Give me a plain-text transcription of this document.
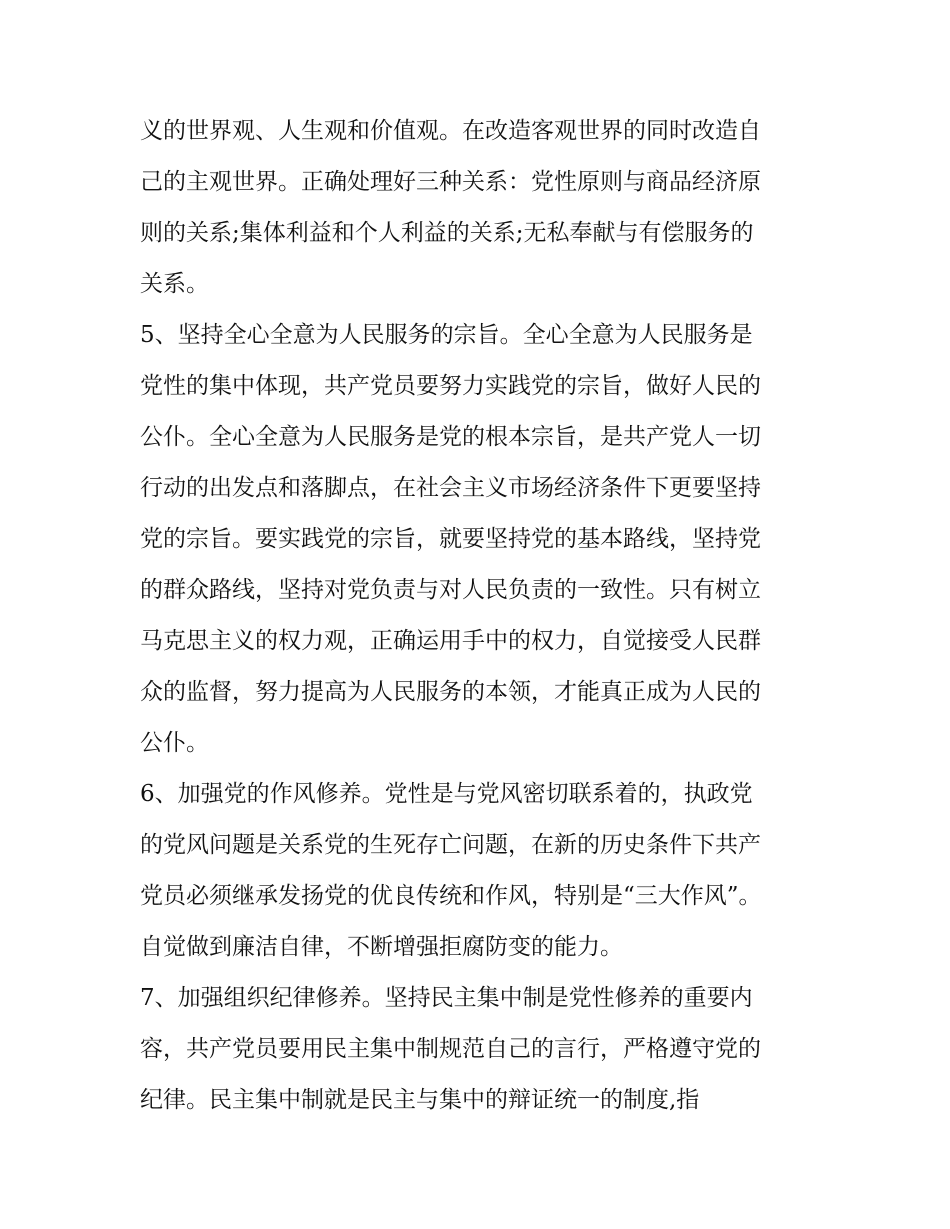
义的世界观、人生观和价值观。在改造客观世界的同时改造自
己的主观世界。正确处理好三种关系：党性原则与商品经济原
则的关系;集体利益和个人利益的关系;无私奉献与有偿服务的
关系。
5、坚持全心全意为人民服务的宗旨。全心全意为人民服务是
党性的集中体现，共产党员要努力实践党的宗旨，做好人民的
公仆。全心全意为人民服务是党的根本宗旨，是共产党人一切
行动的出发点和落脚点，在社会主义市场经济条件下更要坚持
党的宗旨。要实践党的宗旨，就要坚持党的基本路线，坚持党
的群众路线，坚持对党负责与对人民负责的一致性。只有树立
马克思主义的权力观，正确运用手中的权力，自觉接受人民群
众的监督，努力提高为人民服务的本领，才能真正成为人民的
公仆。
6、加强党的作风修养。党性是与党风密切联系着的，执政党
的党风问题是关系党的生死存亡问题，在新的历史条件下共产
党员必须继承发扬党的优良传统和作风，特别是“三大作风”。
自觉做到廉洁自律，不断增强拒腐防变的能力。
7、加强组织纪律修养。坚持民主集中制是党性修养的重要内
容，共产党员要用民主集中制规范自己的言行，严格遵守党的
纪律。民主集中制就是民主与集中的辩证统一的制度,指
